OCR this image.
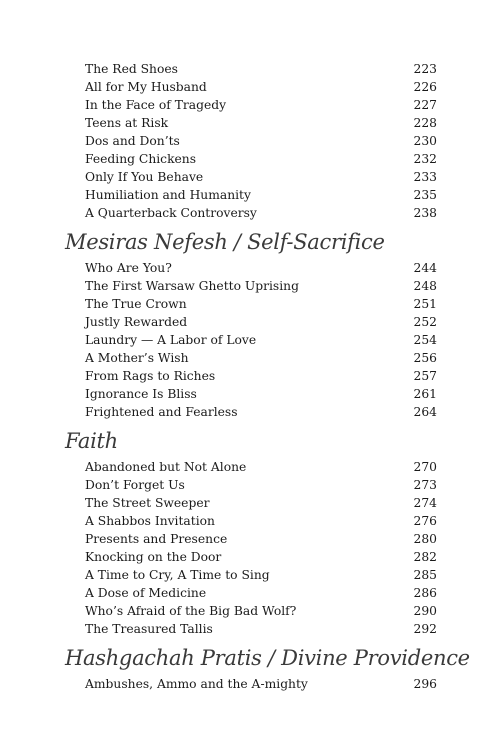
The Red Shoes	223
All for My Husband	226
In the Face of Tragedy	227
Teens at Risk	228
Dos and Don’ts	230
Feeding Chickens	232
Only If You Behave	233
Humiliation and Humanity	235
A Quarterback Controversy	238
Mesiras Nefesh / Self-Sacrifice
Who Are You?	244
The First Warsaw Ghetto Uprising	248
The True Crown	251
Justly Rewarded	252
Laundry — A Labor of Love	254
A Mother’s Wish	256
From Rags to Riches	257
Ignorance Is Bliss	261
Frightened and Fearless	264
Faith
Abandoned but Not Alone	270
Don’t Forget Us	273
The Street Sweeper	274
A Shabbos Invitation	276
Presents and Presence	280
Knocking on the Door	282
A Time to Cry, A Time to Sing	285
A Dose of Medicine	286
Who’s Afraid of the Big Bad Wolf?	290
The Treasured Tallis	292
Hashgachah Pratis / Divine Providence
Ambushes, Ammo and the A-mighty	296
